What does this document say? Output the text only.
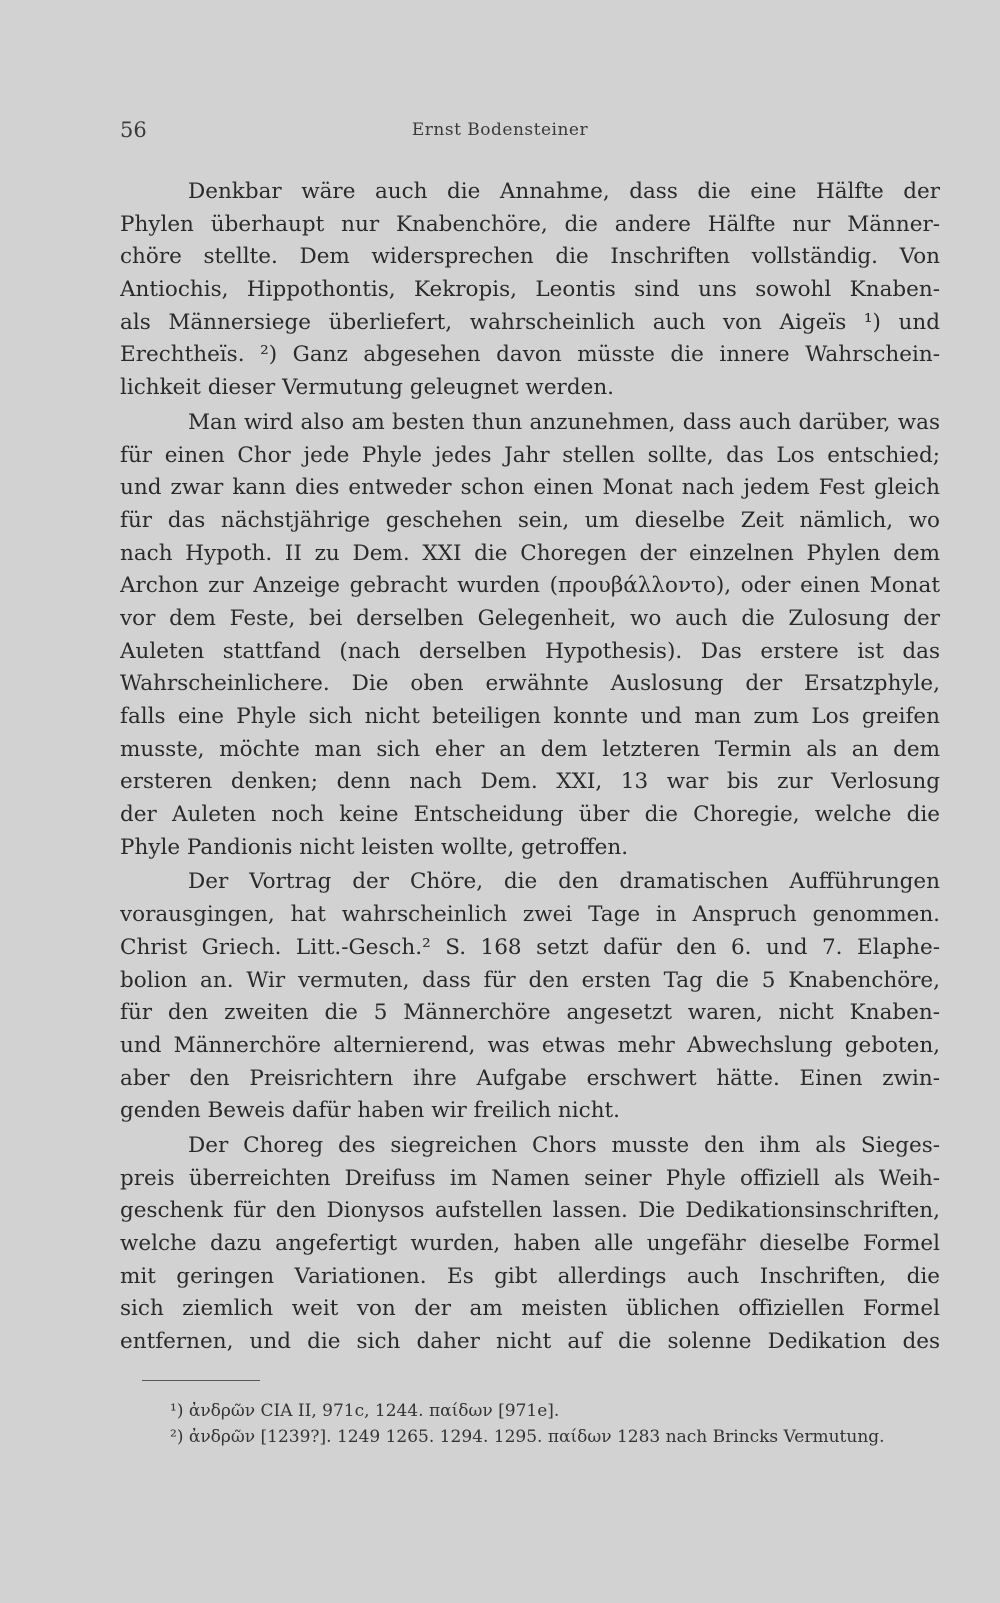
56	Ernst Bodensteiner

Denkbar wäre auch die Annahme, dass die eine Hälfte der
Phylen überhaupt nur Knabenchöre, die andere Hälfte nur Männer-
chöre stellte. Dem widersprechen die Inschriften vollständig. Von
Antiochis, Hippothontis, Kekropis, Leontis sind uns sowohl Knaben-
als Männersiege überliefert, wahrscheinlich auch von Aigeïs ¹) und
Erechtheïs. ²) Ganz abgesehen davon müsste die innere Wahrschein-
lichkeit dieser Vermutung geleugnet werden.

Man wird also am besten thun anzunehmen, dass auch darüber, was
für einen Chor jede Phyle jedes Jahr stellen sollte, das Los entschied;
und zwar kann dies entweder schon einen Monat nach jedem Fest gleich
für das nächstjährige geschehen sein, um dieselbe Zeit nämlich, wo
nach Hypoth. II zu Dem. XXI die Choregen der einzelnen Phylen dem
Archon zur Anzeige gebracht wurden (προυβάλλοντο), oder einen Monat
vor dem Feste, bei derselben Gelegenheit, wo auch die Zulosung der
Auleten stattfand (nach derselben Hypothesis). Das erstere ist das
Wahrscheinlichere. Die oben erwähnte Auslosung der Ersatzphyle,
falls eine Phyle sich nicht beteiligen konnte und man zum Los greifen
musste, möchte man sich eher an dem letzteren Termin als an dem
ersteren denken; denn nach Dem. XXI, 13 war bis zur Verlosung
der Auleten noch keine Entscheidung über die Choregie, welche die
Phyle Pandionis nicht leisten wollte, getroffen.

Der Vortrag der Chöre, die den dramatischen Aufführungen
vorausgingen, hat wahrscheinlich zwei Tage in Anspruch genommen.
Christ Griech. Litt.-Gesch.² S. 168 setzt dafür den 6. und 7. Elaphe-
bolion an. Wir vermuten, dass für den ersten Tag die 5 Knabenchöre,
für den zweiten die 5 Männerchöre angesetzt waren, nicht Knaben-
und Männerchöre alternierend, was etwas mehr Abwechslung geboten,
aber den Preisrichtern ihre Aufgabe erschwert hätte. Einen zwin-
genden Beweis dafür haben wir freilich nicht.

Der Choreg des siegreichen Chors musste den ihm als Sieges-
preis überreichten Dreifuss im Namen seiner Phyle offiziell als Weih-
geschenk für den Dionysos aufstellen lassen. Die Dedikationsinschriften,
welche dazu angefertigt wurden, haben alle ungefähr dieselbe Formel
mit geringen Variationen. Es gibt allerdings auch Inschriften, die
sich ziemlich weit von der am meisten üblichen offiziellen Formel
entfernen, und die sich daher nicht auf die solenne Dedikation des

¹) ἀνδρῶν CIA II, 971c, 1244. παίδων [971e].
²) ἀνδρῶν [1239?]. 1249 1265. 1294. 1295. παίδων 1283 nach Brincks Vermutung.
